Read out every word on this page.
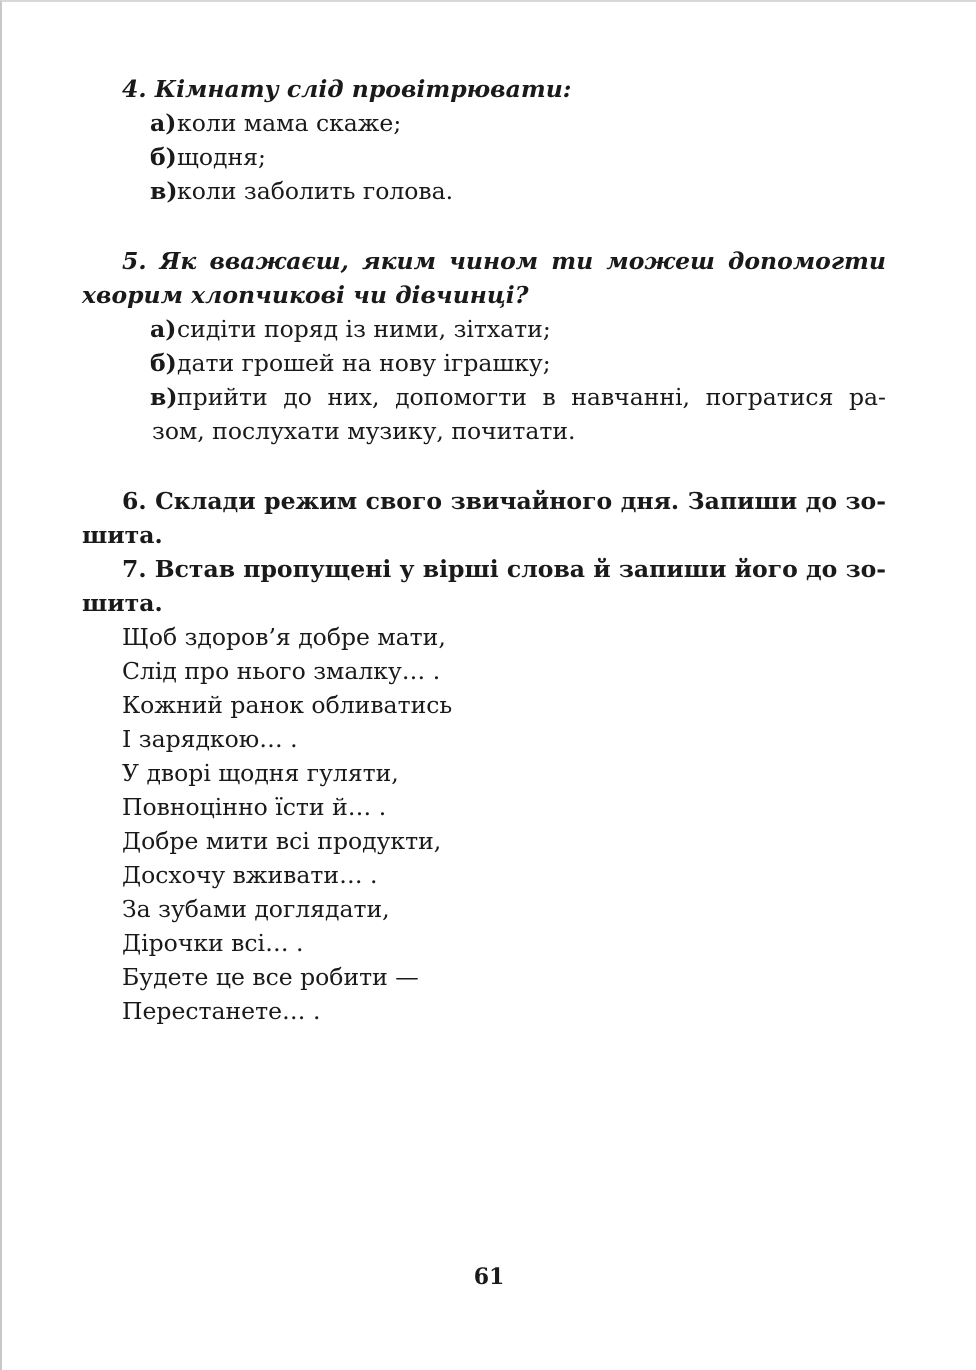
4. Кімнату слід провітрювати:
а)коли мама скаже;
б)щодня;
в)коли заболить голова.
5. Як вважаєш, яким чином ти можеш допомогти
хворим хлопчикові чи дівчинці?
а)сидіти поряд із ними, зітхати;
б)дати грошей на нову іграшку;
в)прийти до них, допомогти в навчанні, погратися ра-
зом, послухати музику, почитати.
6. Склади режим свого звичайного дня. Запиши до зо-
шита.
7. Встав пропущені у вірші слова й запиши його до зо-
шита.
Щоб здоров’я добре мати,
Слід про нього змалку… .
Кожний ранок обливатись
І зарядкою… .
У дворі щодня гуляти,
Повноцінно їсти й… .
Добре мити всі продукти,
Досхочу вживати… .
За зубами доглядати,
Дірочки всі… .
Будете це все робити —
Перестанете… .
61
